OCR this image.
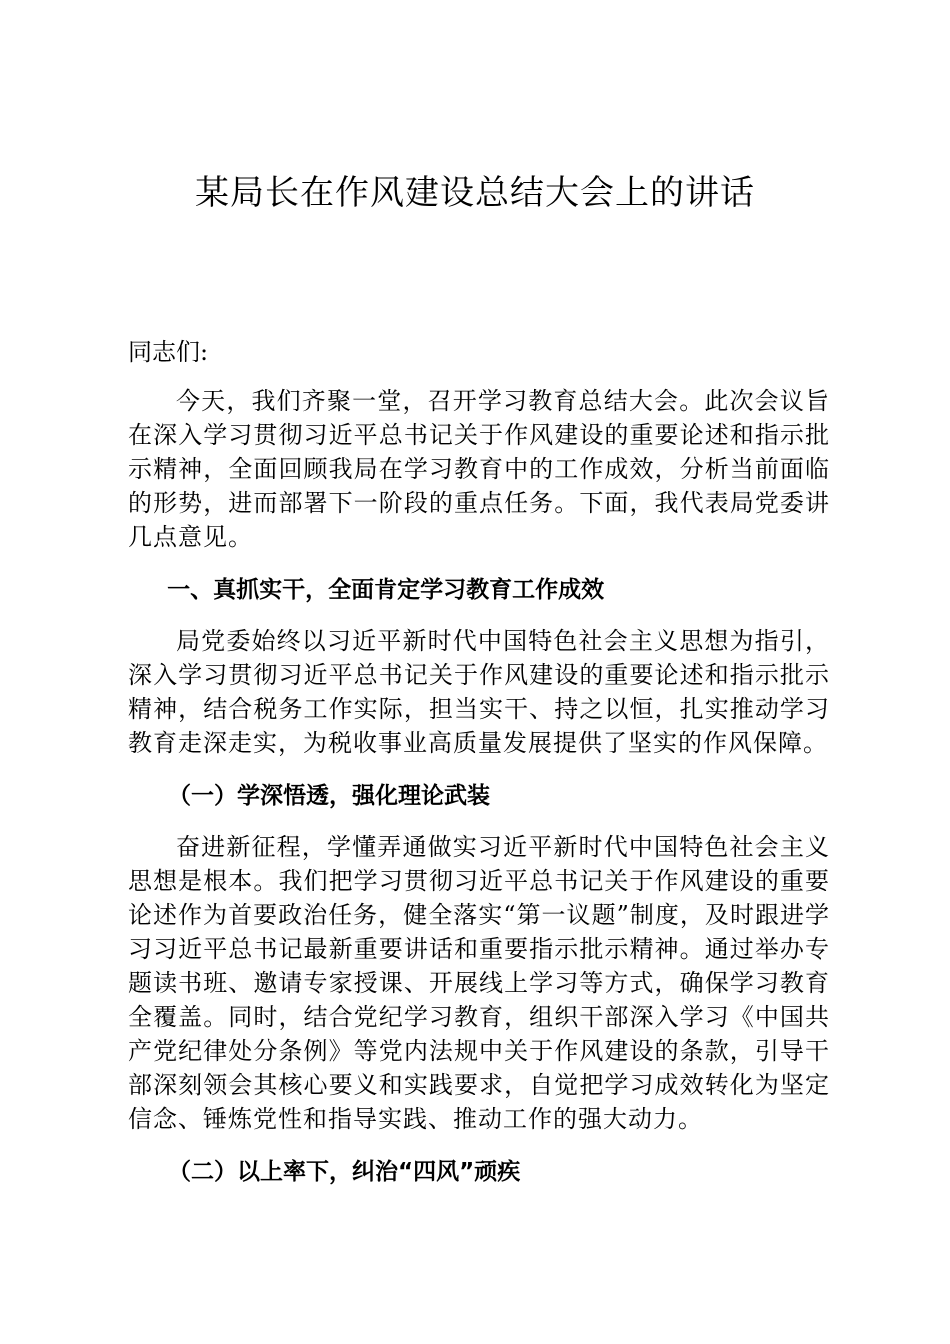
某局长在作风建设总结大会上的讲话

同志们:

今天，我们齐聚一堂，召开学习教育总结大会。此次会议旨在深入学习贯彻习近平总书记关于作风建设的重要论述和指示批示精神，全面回顾我局在学习教育中的工作成效，分析当前面临的形势，进而部署下一阶段的重点任务。下面，我代表局党委讲几点意见。

一、真抓实干，全面肯定学习教育工作成效

局党委始终以习近平新时代中国特色社会主义思想为指引，深入学习贯彻习近平总书记关于作风建设的重要论述和指示批示精神，结合税务工作实际，担当实干、持之以恒，扎实推动学习教育走深走实，为税收事业高质量发展提供了坚实的作风保障。

（一）学深悟透，强化理论武装

奋进新征程，学懂弄通做实习近平新时代中国特色社会主义思想是根本。我们把学习贯彻习近平总书记关于作风建设的重要论述作为首要政治任务，健全落实“第一议题”制度，及时跟进学习习近平总书记最新重要讲话和重要指示批示精神。通过举办专题读书班、邀请专家授课、开展线上学习等方式，确保学习教育全覆盖。同时，结合党纪学习教育，组织干部深入学习《中国共产党纪律处分条例》等党内法规中关于作风建设的条款，引导干部深刻领会其核心要义和实践要求，自觉把学习成效转化为坚定信念、锤炼党性和指导实践、推动工作的强大动力。

（二）以上率下，纠治“四风”顽疾
